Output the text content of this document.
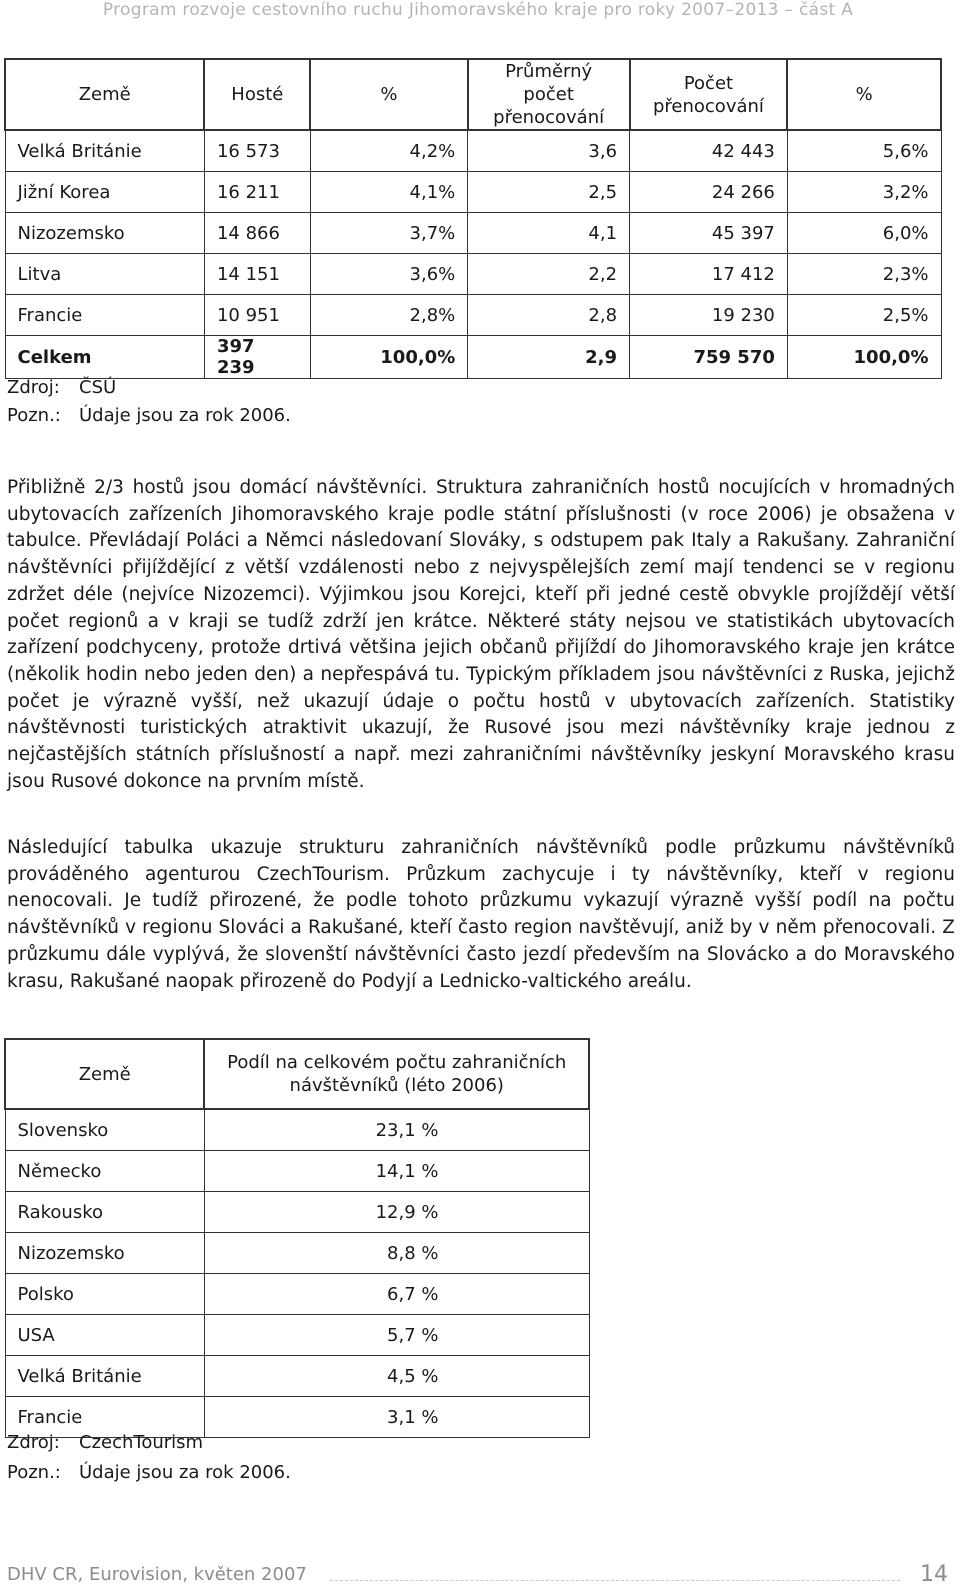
Program rozvoje cestovního ruchu Jihomoravského kraje pro roky 2007–2013 – část A
Země	Hosté	%	Průměrný počet přenocování	Počet přenocování	%
Velká Británie	16 573	4,2%	3,6	42 443	5,6%
Jižní Korea	16 211	4,1%	2,5	24 266	3,2%
Nizozemsko	14 866	3,7%	4,1	45 397	6,0%
Litva	14 151	3,6%	2,2	17 412	2,3%
Francie	10 951	2,8%	2,8	19 230	2,5%
Celkem	397 239	100,0%	2,9	759 570	100,0%
Zdroj: ČSÚ
Pozn.: Údaje jsou za rok 2006.
Přibližně 2/3 hostů jsou domácí návštěvníci. Struktura zahraničních hostů nocujících v hromadných ubytovacích zařízeních Jihomoravského kraje podle státní příslušnosti (v roce 2006) je obsažena v tabulce. Převládají Poláci a Němci následovaní Slováky, s odstupem pak Italy a Rakušany. Zahraniční návštěvníci přijíždějící z větší vzdálenosti nebo z nejvyspělejších zemí mají tendenci se v regionu zdržet déle (nejvíce Nizozemci). Výjimkou jsou Korejci, kteří při jedné cestě obvykle projíždějí větší počet regionů a v kraji se tudíž zdrží jen krátce. Některé státy nejsou ve statistikách ubytovacích zařízení podchyceny, protože drtivá většina jejich občanů přijíždí do Jihomoravského kraje jen krátce (několik hodin nebo jeden den) a nepřespává tu. Typickým příkladem jsou návštěvníci z Ruska, jejichž počet je výrazně vyšší, než ukazují údaje o počtu hostů v ubytovacích zařízeních. Statistiky návštěvnosti turistických atraktivit ukazují, že Rusové jsou mezi návštěvníky kraje jednou z nejčastějších státních příslušností a např. mezi zahraničními návštěvníky jeskyní Moravského krasu jsou Rusové dokonce na prvním místě.
Následující tabulka ukazuje strukturu zahraničních návštěvníků podle průzkumu návštěvníků prováděného agenturou CzechTourism. Průzkum zachycuje i ty návštěvníky, kteří v regionu nenocovali. Je tudíž přirozené, že podle tohoto průzkumu vykazují výrazně vyšší podíl na počtu návštěvníků v regionu Slováci a Rakušané, kteří často region navštěvují, aniž by v něm přenocovali. Z průzkumu dále vyplývá, že slovenští návštěvníci často jezdí především na Slovácko a do Moravského krasu, Rakušané naopak přirozeně do Podyjí a Lednicko-valtického areálu.
Země	Podíl na celkovém počtu zahraničních návštěvníků (léto 2006)
Slovensko	23,1 %
Německo	14,1 %
Rakousko	12,9 %
Nizozemsko	8,8 %
Polsko	6,7 %
USA	5,7 %
Velká Británie	4,5 %
Francie	3,1 %
Zdroj: CzechTourism
Pozn.: Údaje jsou za rok 2006.
DHV CR, Eurovision, květen 2007	14
